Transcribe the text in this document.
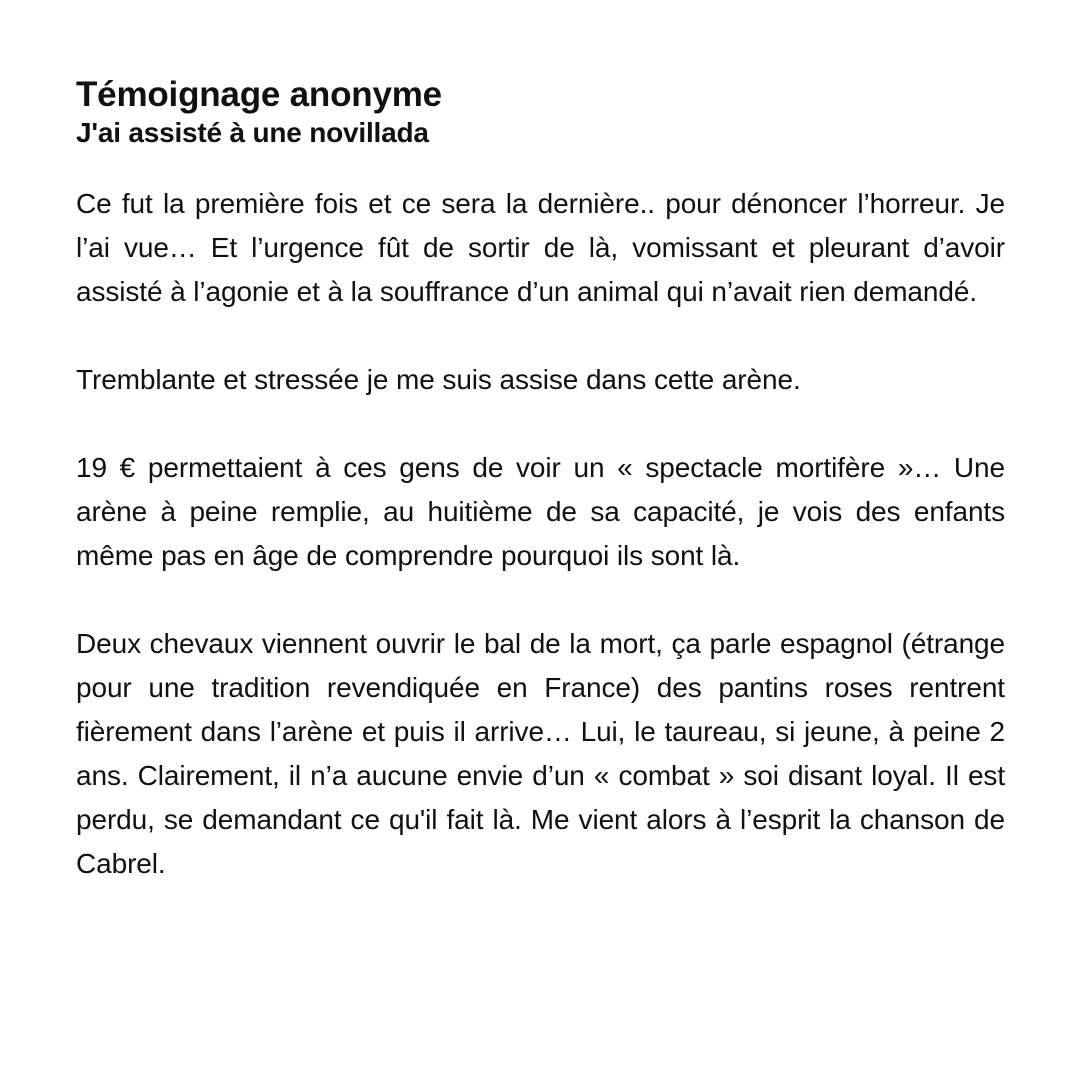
Témoignage anonyme
J'ai assisté à une novillada

Ce fut la première fois et ce sera la dernière.. pour dénoncer l’horreur. Je l’ai vue… Et l’urgence fût de sortir de là, vomissant et pleurant d’avoir assisté à l’agonie et à la souffrance d’un animal qui n’avait rien demandé.

Tremblante et stressée je me suis assise dans cette arène.

19 € permettaient à ces gens de voir un « spectacle mortifère »… Une arène à peine remplie, au huitième de sa capacité, je vois des enfants même pas en âge de comprendre pourquoi ils sont là.

Deux chevaux viennent ouvrir le bal de la mort, ça parle espagnol (étrange pour une tradition revendiquée en France) des pantins roses rentrent fièrement dans l’arène et puis il arrive… Lui, le taureau, si jeune, à peine 2 ans. Clairement, il n’a aucune envie d’un « combat » soi disant loyal. Il est perdu, se demandant ce qu'il fait là. Me vient alors à l’esprit la chanson de Cabrel.
